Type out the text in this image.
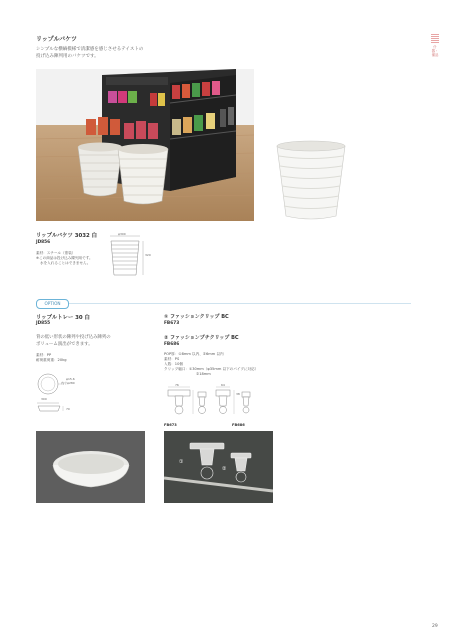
什器・備品
リップルバケツ
シンプルな横縞模様で清潔感を感じさせるテイストの
投げ込み陳列用のバケツです。
リップルバケツ 3032 白
JD856
素材：スチール（塗装）
※この商品は投げ込み陳列用です。
水を入れることはできません。
φ300
320
OPTION
リップルトレー 30 白
JD855
背の低い形状の陳列や投げ込み陳列の
ボリューム演出ができます。
素材：PP
耐荷重荷重：20kg
φ15.6
内寸φ280
300
70
① ファッションクリップ BC
FB673
② ファッションプチクリップ BC
FB686
POP厚：①8mm 以内、②6mm 以内
素材：PS
入数：10個
クリップ幅口：①30mm（φ35mm 以下のパイプに対応）
②18mm
76	64
38
FB673	FB686
①
②
29
